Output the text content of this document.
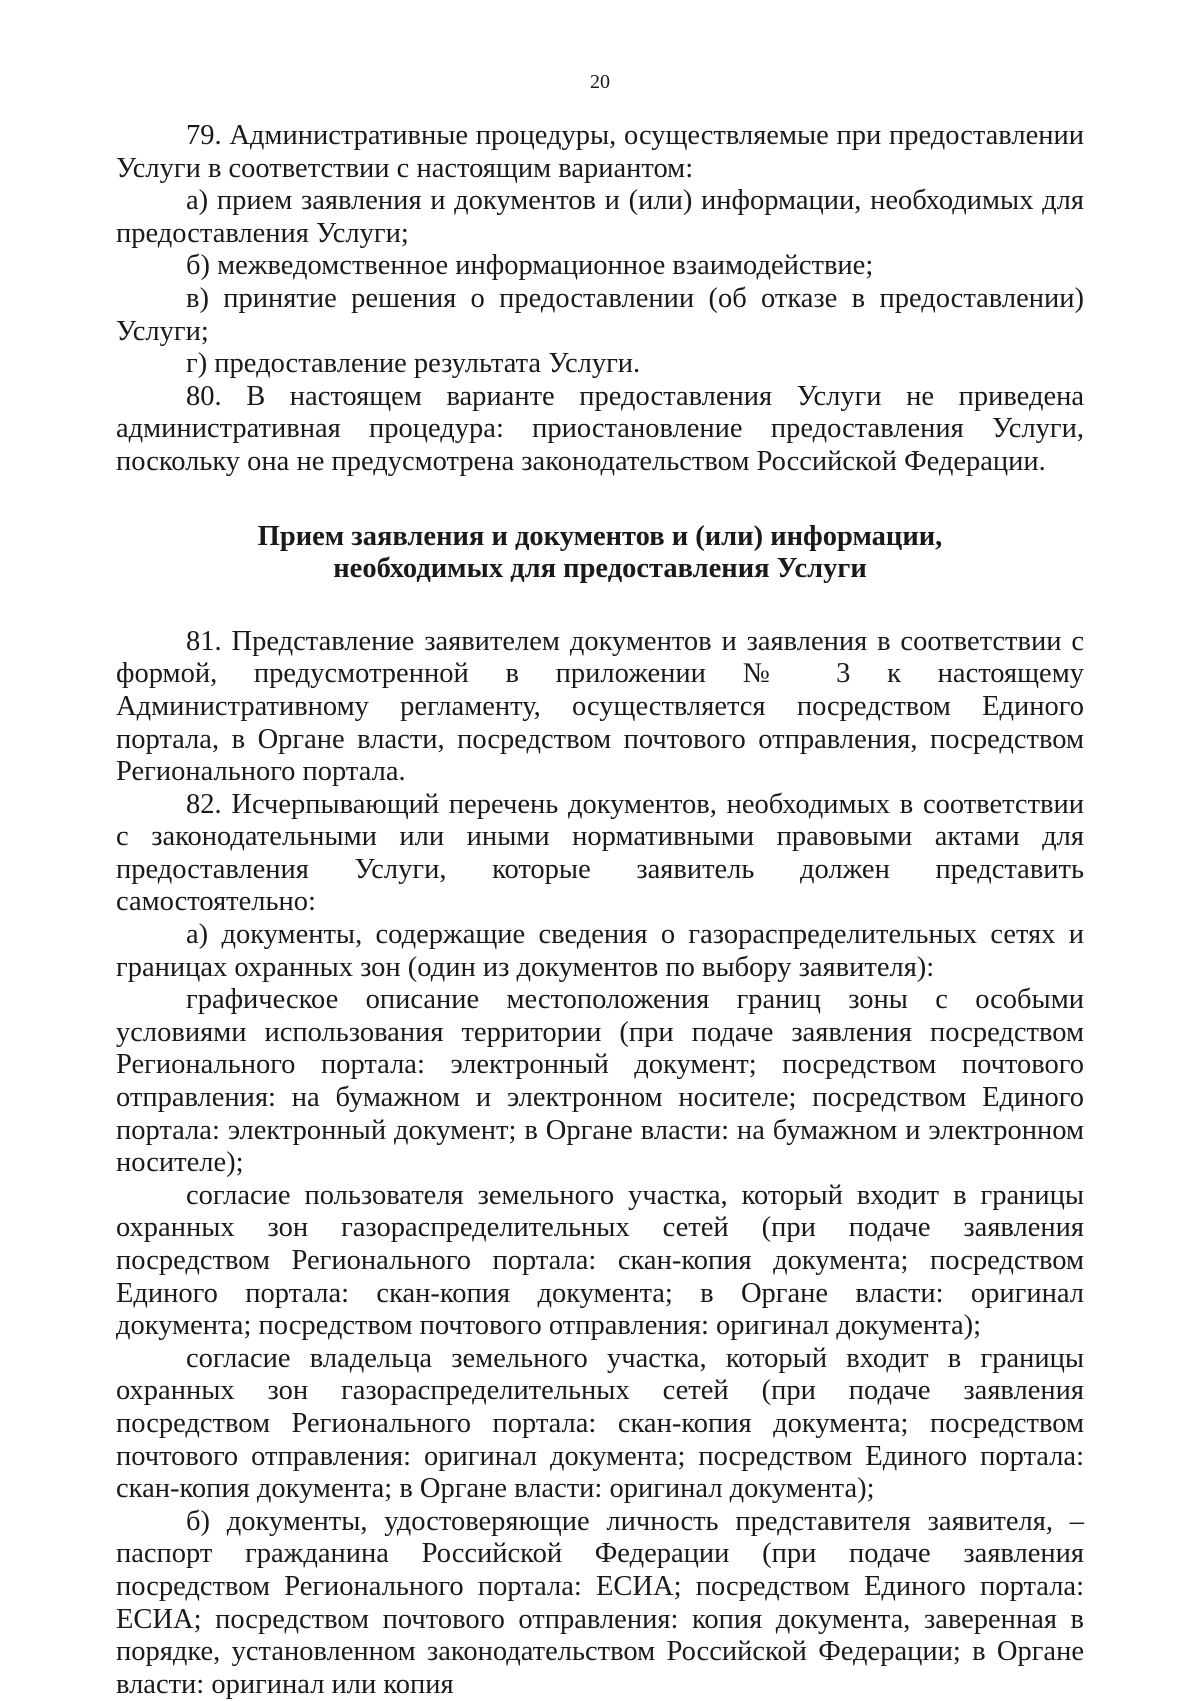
20

79. Административные процедуры, осуществляемые при предоставлении Услуги в соответствии с настоящим вариантом:

а) прием заявления и документов и (или) информации, необходимых для предоставления Услуги;

б) межведомственное информационное взаимодействие;

в) принятие решения о предоставлении (об отказе в предоставлении) Услуги;

г) предоставление результата Услуги.

80. В настоящем варианте предоставления Услуги не приведена административная процедура: приостановление предоставления Услуги, поскольку она не предусмотрена законодательством Российской Федерации.

Прием заявления и документов и (или) информации, необходимых для предоставления Услуги

81. Представление заявителем документов и заявления в соответствии с формой, предусмотренной в приложении № 3 к настоящему Административному регламенту, осуществляется посредством Единого портала, в Органе власти, посредством почтового отправления, посредством Регионального портала.

82. Исчерпывающий перечень документов, необходимых в соответствии с законодательными или иными нормативными правовыми актами для предоставления Услуги, которые заявитель должен представить самостоятельно:

а) документы, содержащие сведения о газораспределительных сетях и границах охранных зон (один из документов по выбору заявителя):

графическое описание местоположения границ зоны с особыми условиями использования территории (при подаче заявления посредством Регионального портала: электронный документ; посредством почтового отправления: на бумажном и электронном носителе; посредством Единого портала: электронный документ; в Органе власти: на бумажном и электронном носителе);

согласие пользователя земельного участка, который входит в границы охранных зон газораспределительных сетей (при подаче заявления посредством Регионального портала: скан-копия документа; посредством Единого портала: скан-копия документа; в Органе власти: оригинал документа; посредством почтового отправления: оригинал документа);

согласие владельца земельного участка, который входит в границы охранных зон газораспределительных сетей (при подаче заявления посредством Регионального портала: скан-копия документа; посредством почтового отправления: оригинал документа; посредством Единого портала: скан-копия документа; в Органе власти: оригинал документа);

б) документы, удостоверяющие личность представителя заявителя, – паспорт гражданина Российской Федерации (при подаче заявления посредством Регионального портала: ЕСИА; посредством Единого портала: ЕСИА; посредством почтового отправления: копия документа, заверенная в порядке, установленном законодательством Российской Федерации; в Органе власти: оригинал или копия
